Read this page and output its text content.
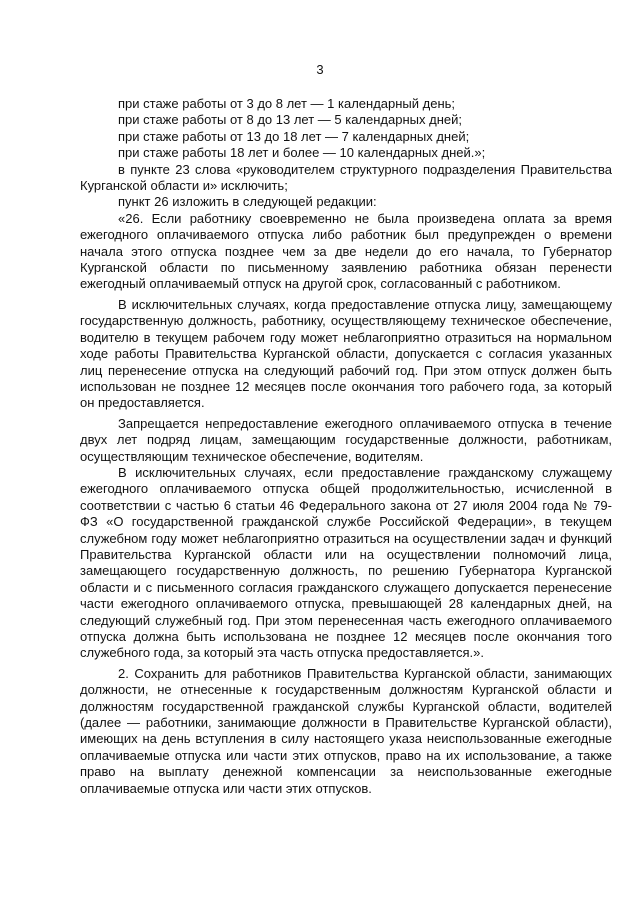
3

при стаже работы от 3 до 8 лет — 1 календарный день;

при стаже работы от 8 до 13 лет — 5 календарных дней;

при стаже работы от 13 до 18 лет — 7 календарных дней;

при стаже работы 18 лет и более — 10 календарных дней.»;

в пункте 23 слова «руководителем структурного подразделения Правительства Курганской области и» исключить;

пункт 26 изложить в следующей редакции:

«26. Если работнику своевременно не была произведена оплата за время ежегодного оплачиваемого отпуска либо работник был предупрежден о времени начала этого отпуска позднее чем за две недели до его начала, то Губернатор Курганской области по письменному заявлению работника обязан перенести ежегодный оплачиваемый отпуск на другой срок, согласованный с работником.

В исключительных случаях, когда предоставление отпуска лицу, замещающему государственную должность, работнику, осуществляющему техническое обеспечение, водителю в текущем рабочем году может неблагоприятно отразиться на нормальном ходе работы Правительства Курганской области, допускается с согласия указанных лиц перенесение отпуска на следующий рабочий год. При этом отпуск должен быть использован не позднее 12 месяцев после окончания того рабочего года, за который он предоставляется.

Запрещается непредоставление ежегодного оплачиваемого отпуска в течение двух лет подряд лицам, замещающим государственные должности, работникам, осуществляющим техническое обеспечение, водителям.

В исключительных случаях, если предоставление гражданскому служащему ежегодного оплачиваемого отпуска общей продолжительностью, исчисленной в соответствии с частью 6 статьи 46 Федерального закона от 27 июля 2004 года № 79-ФЗ «О государственной гражданской службе Российской Федерации», в текущем служебном году может неблагоприятно отразиться на осуществлении задач и функций Правительства Курганской области или на осуществлении полномочий лица, замещающего государственную должность, по решению Губернатора Курганской области и с письменного согласия гражданского служащего допускается перенесение части ежегодного оплачиваемого отпуска, превышающей 28 календарных дней, на следующий служебный год. При этом перенесенная часть ежегодного оплачиваемого отпуска должна быть использована не позднее 12 месяцев после окончания того служебного года, за который эта часть отпуска предоставляется.».

2. Сохранить для работников Правительства Курганской области, занимающих должности, не отнесенные к государственным должностям Курганской области и должностям государственной гражданской службы Курганской области, водителей (далее — работники, занимающие должности в Правительстве Курганской области), имеющих на день вступления в силу настоящего указа неиспользованные ежегодные оплачиваемые отпуска или части этих отпусков, право на их использование, а также право на выплату денежной компенсации за неиспользованные ежегодные оплачиваемые отпуска или части этих отпусков.
